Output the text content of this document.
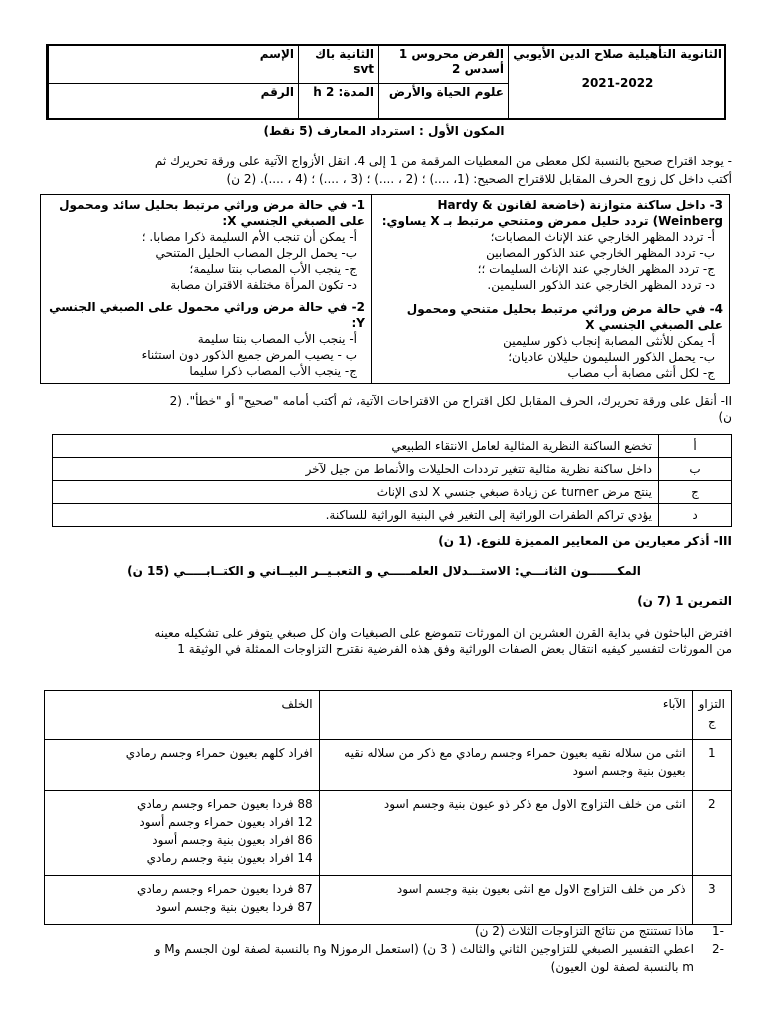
الثانوية التأهيلية صلاح الدين الأيوبي
2021-2022
الفرض محروس 1 أسدس 2
علوم الحياة والأرض
الثانية باك svt
المدة: 2 h
الإسم
الرقم
المكون الأول : استرداد المعارف (5 نقط)
- يوجد اقتراح صحيح بالنسبة لكل معطى من المعطيات المرقمة من 1 إلى 4. انقل الأزواج الآتية على ورقة تحريرك ثم
أكتب داخل كل زوج الحرف المقابل للاقتراح الصحيح: (1، ....) ؛ (2 ، ....) ؛ (3 ، ....) ؛ (4 ، ....). (2 ن)
3- داخل ساكنة متوازنة (خاضعة لقانون Hardy & Weinberg) تردد حليل ممرض ومتنحي مرتبط بـ X يساوي:
أ- تردد المظهر الخارجي عند الإناث المصابات؛
ب- تردد المظهر الخارجي عند الذكور المصابين
ج- تردد المظهر الخارجي عند الإناث السليمات ؛؛
د- تردد المظهر الخارجي عند الذكور السليمين.
4- في حالة مرض وراثي مرتبط بحليل متنحي ومحمول على الصبغي الجنسي X
أ- يمكن للأنثى المصابة إنجاب ذكور سليمين
ب- يحمل الذكور السليمون حليلان عاديان؛
ج- لكل أنثى مصابة أب مصاب
1- في حالة مرض وراثي مرتبط بحليل سائد ومحمول على الصبغي الجنسي X:
أ- يمكن أن تنجب الأم السليمة ذكرا مصابا. ؛
ب- يحمل الرجل المصاب الحليل المتنحي
ج- ينجب الأب المصاب بنتا سليمة؛
د- تكون المرأة مختلفة الاقتران مصابة
2- في حالة مرض وراثي محمول على الصبغي الجنسي Y:
أ- ينجب الأب المصاب بنتا سليمة
ب - يصيب المرض جميع الذكور دون استثناء
ج- ينجب الأب المصاب ذكرا سليما
II- أنقل على ورقة تحريرك، الحرف المقابل لكل اقتراح من الاقتراحات الآتية، ثم أكتب أمامه "صحيح" أو "خطأ". (2
ن)
تخضع الساكنة النظرية المثالية لعامل الانتقاء الطبيعي	أ
داخل ساكنة نظرية مثالية تتغير ترددات الحليلات والأنماط من جيل لآخر	ب
ينتج مرض turner عن زيادة صبغي جنسي X لدى الإناث	ج
يؤدي تراكم الطفرات الوراثية إلى التغير في البنية الوراثية للساكنة.	د
III- أذكر معيارين من المعايير المميزة للنوع. (1 ن)
المكـــــــون الثانـــي: الاستـــدلال العلمـــــي و التعبـيــر البيــاني و الكتــابـــــي (15 ن)
التمرين 1 (7 ن)
افترض الباحثون في بداية القرن العشرين ان المورثات تتموضع على الصبغيات وان كل صبغي يتوفر على تشكيله معينه
من المورثات لتفسير كيفيه انتقال بعض الصفات الوراثية وفق هذه الفرضية نقترح التزاوجات الممثلة في الوثيقة 1
الخلف	الآباء	التزاو ج

افراد كلهم بعيون حمراء وجسم رمادي	انثى من سلاله نقيه بعيون حمراء وجسم رمادي مع ذكر من سلاله نقيه بعيون بنية وجسم اسود	1

88 فردا بعيون حمراء وجسم رمادي
12 افراد بعيون حمراء وجسم أسود
86 افراد بعيون بنية وجسم أسود
14 افراد بعيون بنية وجسم رمادي	انثى من خلف التزاوج الاول مع ذكر ذو عيون بنية وجسم اسود	2

87 فردا بعيون حمراء وجسم رمادي
87 فردا بعيون بنية وجسم اسود	ذكر من خلف التزاوج الاول مع انثى بعيون بنية وجسم اسود	3
-1ماذا تستنتج من نتائج التزاوجات الثلاث (2 ن)
-2اعطي التفسير الصبغي للتزاوجين الثاني والثالث ( 3 ن) (استعمل الرموزN وn بالنسبة لصفة لون الجسم وM و
m بالنسبة لصفة لون العيون)
